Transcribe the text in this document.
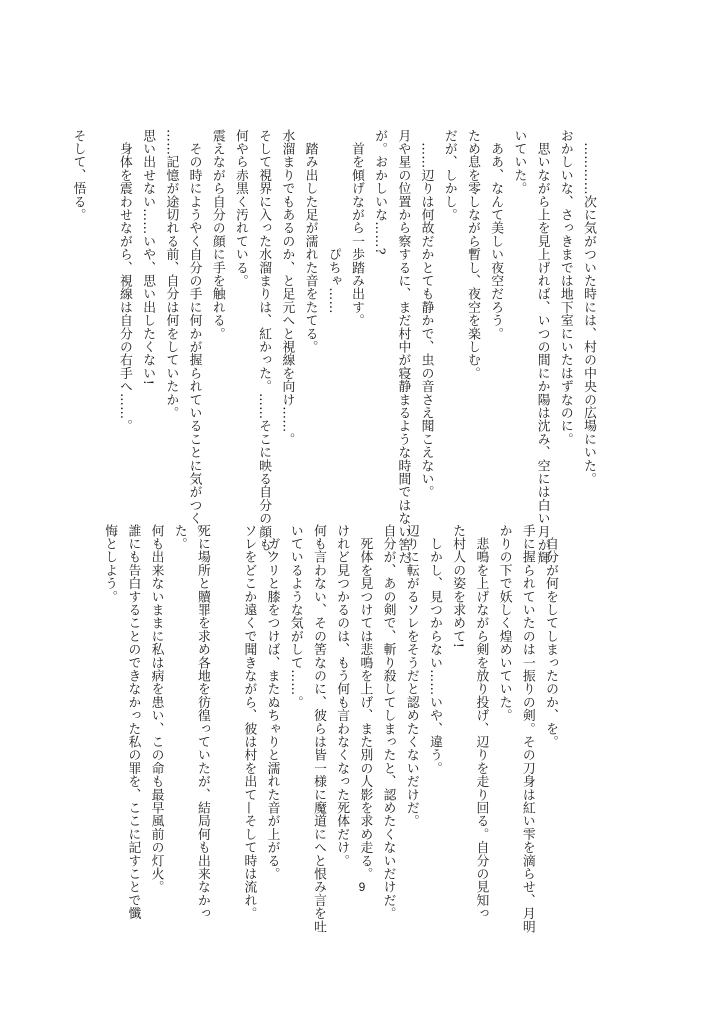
　…………次に気がついた時には、村の中央の広場にいた。

おかしいな、さっきまでは地下室にいたはずなのに。

　思いながら上を見上げれば、いつの間にか陽は沈み、空には白い月が輝

いていた。

　ああ、なんて美しい夜空だろう。

ため息を零しながら暫し、夜空を楽しむ。

だが、しかし。

　……辺りは何故だかとても静かで、虫の音さえ聞こえない。

月や星の位置から察するに、まだ村中が寝静まるような時間ではない筈だ

が。おかしいな……?

　首を傾げながら一歩踏み出す。

　　　　　　　　　ぴちゃ……

　踏み出した足が濡れた音をたてる。

水溜まりでもあるのか、と足元へと視線を向け……。

そして視界に入った水溜まりは、紅かった。……そこに映る自分の顔も、

何やら赤黒く汚れている。

震えながら自分の顔に手を触れる。

　その時にようやく自分の手に何かが握られていることに気がつく。

……記憶が途切れる前、自分は何をしていたか。

思い出せない……いや、思い出したくない!

　身体を震わせながら、視線は自分の右手へ……。

そして、悟る。

　自分が何をしてしまったのか、を。

手に握られていたのは一振りの剣。その刀身は紅い雫を滴らせ、月明

かりの下で妖しく煌めいていた。

　悲鳴を上げながら剣を放り投げ、辺りを走り回る。自分の見知っ

た村人の姿を求めて!

　しかし、見つからない……いや、違う。

辺りに転がるソレをそうだと認めたくないだけだ。

自分が、あの剣で、斬り殺してしまったと、認めたくないだけだ。

　死体を見つけては悲鳴を上げ、また別の人影を求め走る。

けれど見つかるのは、もう何も言わなくなった死体だけ。

何も言わない、その筈なのに、彼らは皆一様に魔道にへと恨み言を吐

いているような気がして……。

　ガクリと膝をつけば、またぬちゃりと濡れた音が上がる。

ソレをどこか遠くで聞きながら、彼は村を出て—そして時は流れ。

死に場所と贖罪を求め各地を彷徨っていたが、結局何も出来なかっ

た。

何も出来ないままに私は病を患い、この命も最早風前の灯火。

誰にも告白することのできなかった私の罪を、ここに記すことで懺

悔としよう。

9
